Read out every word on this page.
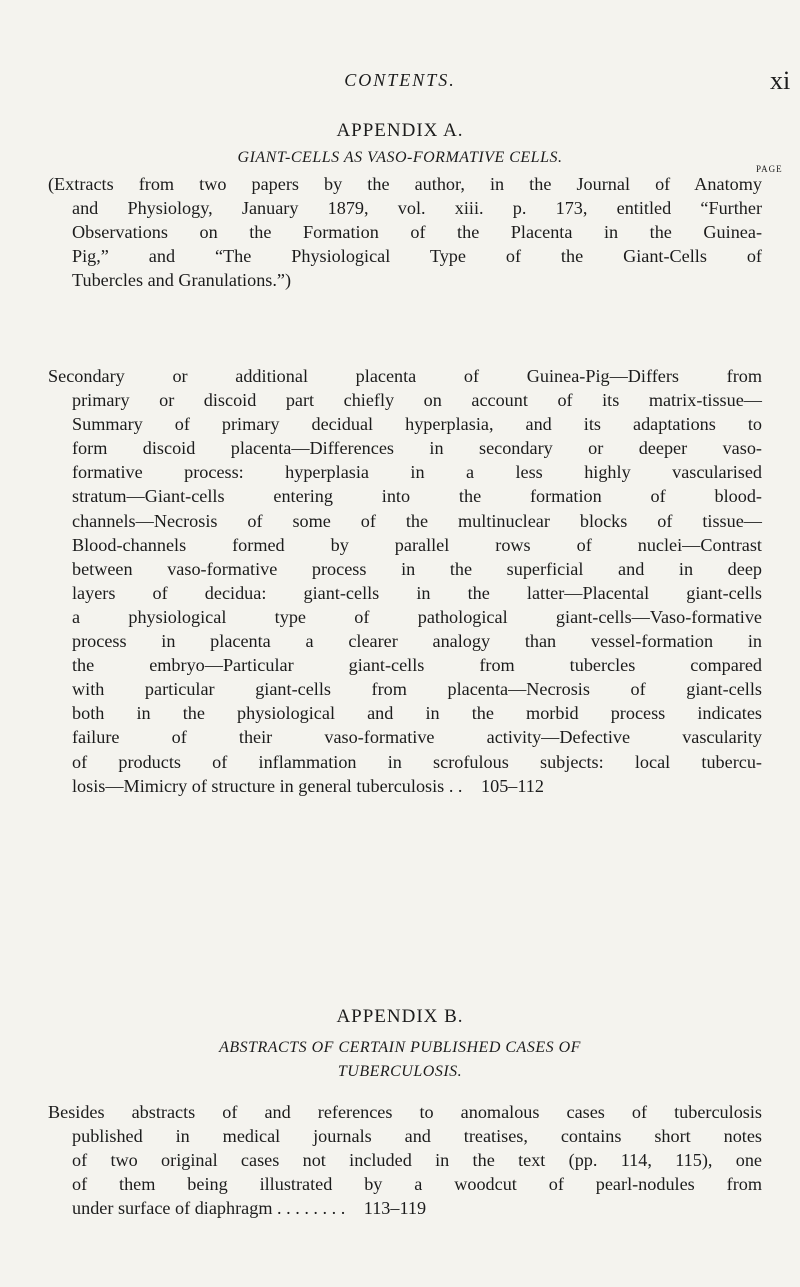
CONTENTS.	xi
APPENDIX A.
GIANT-CELLS AS VASO-FORMATIVE CELLS.
PAGE
(Extracts from two papers by the author, in the Journal of Anatomy
and Physiology, January 1879, vol. xiii. p. 173, entitled “Further
Observations on the Formation of the Placenta in the Guinea-
Pig,” and “The Physiological Type of the Giant-Cells of
Tubercles and Granulations.”)
Secondary or additional placenta of Guinea-Pig—Differs from
primary or discoid part chiefly on account of its matrix-tissue—
Summary of primary decidual hyperplasia, and its adaptations to
form discoid placenta—Differences in secondary or deeper vaso-
formative process: hyperplasia in a less highly vascularised
stratum—Giant-cells entering into the formation of blood-
channels—Necrosis of some of the multinuclear blocks of tissue—
Blood-channels formed by parallel rows of nuclei—Contrast
between vaso-formative process in the superficial and in deep
layers of decidua: giant-cells in the latter—Placental giant-cells
a physiological type of pathological giant-cells—Vaso-formative
process in placenta a clearer analogy than vessel-formation in
the embryo—Particular giant-cells from tubercles compared
with particular giant-cells from placenta—Necrosis of giant-cells
both in the physiological and in the morbid process indicates
failure of their vaso-formative activity—Defective vascularity
of products of inflammation in scrofulous subjects: local tubercu-
losis—Mimicry of structure in general tuberculosis . . 105–112
APPENDIX B.
ABSTRACTS OF CERTAIN PUBLISHED CASES OF
TUBERCULOSIS.
Besides abstracts of and references to anomalous cases of tuberculosis
published in medical journals and treatises, contains short notes
of two original cases not included in the text (pp. 114, 115), one
of them being illustrated by a woodcut of pearl-nodules from
under surface of diaphragm . . . . . . . . 113–119
